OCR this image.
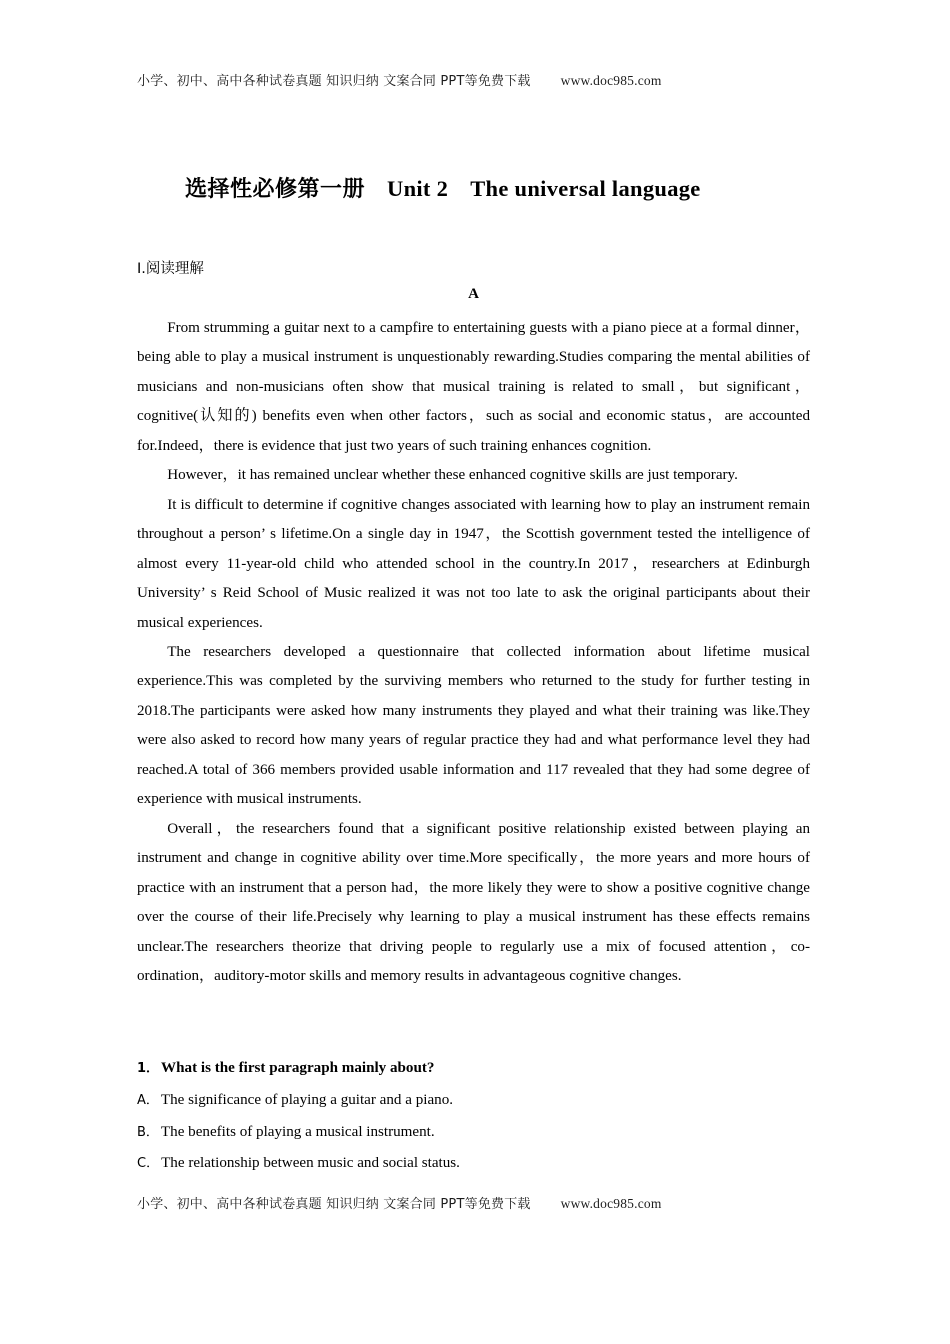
小学、初中、高中各种试卷真题 知识归纳 文案合同 PPT等免费下载 www.doc985.com
选择性必修第一册 Unit 2 The universal language
Ⅰ.阅读理解
A

From strumming a guitar next to a campfire to entertaining guests with a piano piece at a formal dinner，being able to play a musical instrument is unquestionably rewarding.Studies comparing the mental abilities of musicians and non-musicians often show that musical training is related to small，but significant，cognitive(认知的) benefits even when other factors，such as social and economic status，are accounted for.Indeed，there is evidence that just two years of such training enhances cognition.

However，it has remained unclear whether these enhanced cognitive skills are just temporary.

It is difficult to determine if cognitive changes associated with learning how to play an instrument remain throughout a person’ s lifetime.On a single day in 1947，the Scottish government tested the intelligence of almost every 11-year-old child who attended school in the country.In 2017，researchers at Edinburgh University’ s Reid School of Music realized it was not too late to ask the original participants about their musical experiences.

The researchers developed a questionnaire that collected information about lifetime musical experience.This was completed by the surviving members who returned to the study for further testing in 2018.The participants were asked how many instruments they played and what their training was like.They were also asked to record how many years of regular practice they had and what performance level they had reached.A total of 366 members provided usable information and 117 revealed that they had some degree of experience with musical instruments.

Overall，the researchers found that a significant positive relationship existed between playing an instrument and change in cognitive ability over time.More specifically，the more years and more hours of practice with an instrument that a person had，the more likely they were to show a positive cognitive change over the course of their life.Precisely why learning to play a musical instrument has these effects remains unclear.The researchers theorize that driving people to regularly use a mix of focused attention，co-ordination，auditory-motor skills and memory results in advantageous cognitive changes.

1． What is the first paragraph mainly about?

A． The significance of playing a guitar and a piano.

B． The benefits of playing a musical instrument.

C． The relationship between music and social status.

小学、初中、高中各种试卷真题 知识归纳 文案合同 PPT等免费下载 www.doc985.com
